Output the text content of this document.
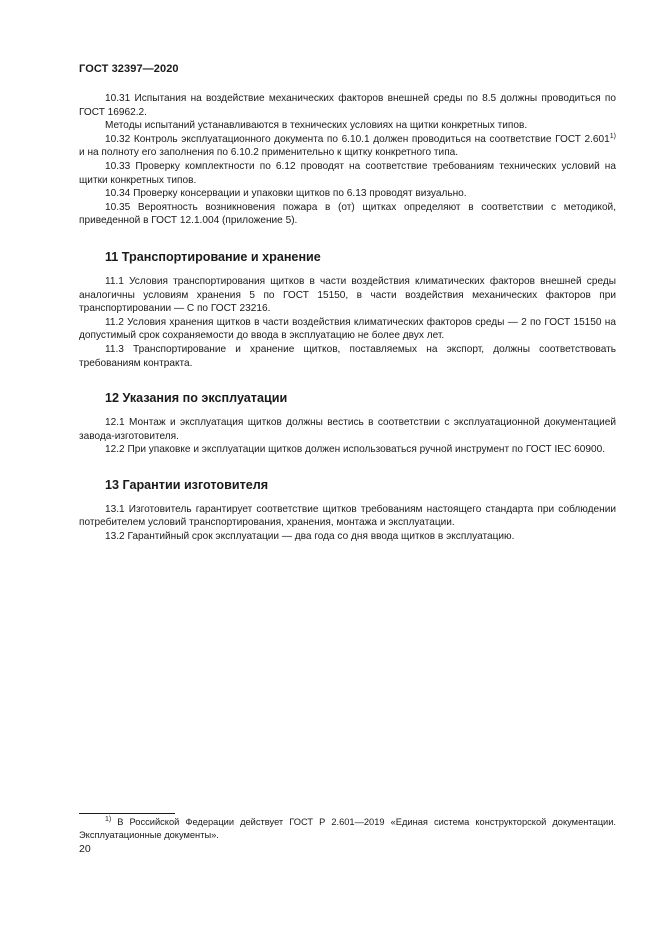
ГОСТ 32397—2020

10.31 Испытания на воздействие механических факторов внешней среды по 8.5 должны проводиться по ГОСТ 16962.2.

Методы испытаний устанавливаются в технических условиях на щитки конкретных типов.

10.32 Контроль эксплуатационного документа по 6.10.1 должен проводиться на соответствие ГОСТ 2.601$^{1)}$ и на полноту его заполнения по 6.10.2 применительно к щитку конкретного типа.

10.33 Проверку комплектности по 6.12 проводят на соответствие требованиям технических условий на щитки конкретных типов.

10.34 Проверку консервации и упаковки щитков по 6.13 проводят визуально.

10.35 Вероятность возникновения пожара в (от) щитках определяют в соответствии с методикой, приведенной в ГОСТ 12.1.004 (приложение 5).

11 Транспортирование и хранение

11.1 Условия транспортирования щитков в части воздействия климатических факторов внешней среды аналогичны условиям хранения 5 по ГОСТ 15150, в части воздействия механических факторов при транспортировании — С по ГОСТ 23216.

11.2 Условия хранения щитков в части воздействия климатических факторов среды — 2 по ГОСТ 15150 на допустимый срок сохраняемости до ввода в эксплуатацию не более двух лет.

11.3 Транспортирование и хранение щитков, поставляемых на экспорт, должны соответствовать требованиям контракта.

12 Указания по эксплуатации

12.1 Монтаж и эксплуатация щитков должны вестись в соответствии с эксплуатационной документацией завода-изготовителя.

12.2 При упаковке и эксплуатации щитков должен использоваться ручной инструмент по ГОСТ IEC 60900.

13 Гарантии изготовителя

13.1 Изготовитель гарантирует соответствие щитков требованиям настоящего стандарта при соблюдении потребителем условий транспортирования, хранения, монтажа и эксплуатации.

13.2 Гарантийный срок эксплуатации — два года со дня ввода щитков в эксплуатацию.

$^{1)}$ В Российской Федерации действует ГОСТ Р 2.601—2019 «Единая система конструкторской документации. Эксплуатационные документы».

20
